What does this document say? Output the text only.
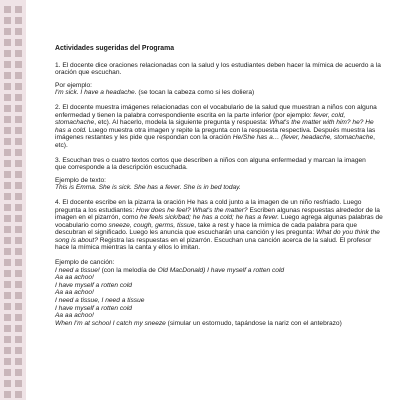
Actividades sugeridas del Programa

1. El docente dice oraciones relacionadas con la salud y los estudiantes deben hacer la mímica de acuerdo a la oración que escuchan.

Por ejemplo:
I'm sick. I have a headache. (se tocan la cabeza como si les doliera)

2. El docente muestra imágenes relacionadas con el vocabulario de la salud que muestran a niños con alguna enfermedad y tienen la palabra correspondiente escrita en la parte inferior (por ejemplo: fever, cold, stomachache, etc). Al hacerlo, modela la siguiente pregunta y respuesta: What's the matter with him? he? He has a cold. Luego muestra otra imagen y repite la pregunta con la respuesta respectiva. Después muestra las imágenes restantes y les pide que respondan con la oración He/She has a… (fever, headache, stomachache, etc).

3. Escuchan tres o cuatro textos cortos que describen a niños con alguna enfermedad y marcan la imagen
que corresponde a la descripción escuchada.

Ejemplo de texto:
This is Emma. She is sick. She has a fever. She is in bed today.

4. El docente escribe en la pizarra la oración He has a cold junto a la imagen de un niño resfriado. Luego pregunta a los estudiantes: How does he feel? What's the matter? Escriben algunas respuestas alrededor de la imagen en el pizarrón, como he feels sick/bad; he has a cold; he has a fever. Luego agrega algunas palabras de vocabulario como sneeze, cough, germs, tissue, take a rest y hace la mímica de cada palabra para que descubran el significado. Luego les anuncia que escucharán una canción y les pregunta: What do you think the song is about? Registra las respuestas en el pizarrón. Escuchan una canción acerca de la salud. El profesor hace la mímica mientras la canta y ellos lo imitan.

Ejemplo de canción:

I need a tissue! (con la melodía de Old MacDonald) I have myself a rotten cold

Aa aa achoo!

I have myself a rotten cold

Aa aa achoo!

I need a tissue, I need a tissue

I have myself a rotten cold

Aa aa achoo!

When I'm at school I catch my sneeze (simular un estornudo, tapándose la nariz con el antebrazo)
